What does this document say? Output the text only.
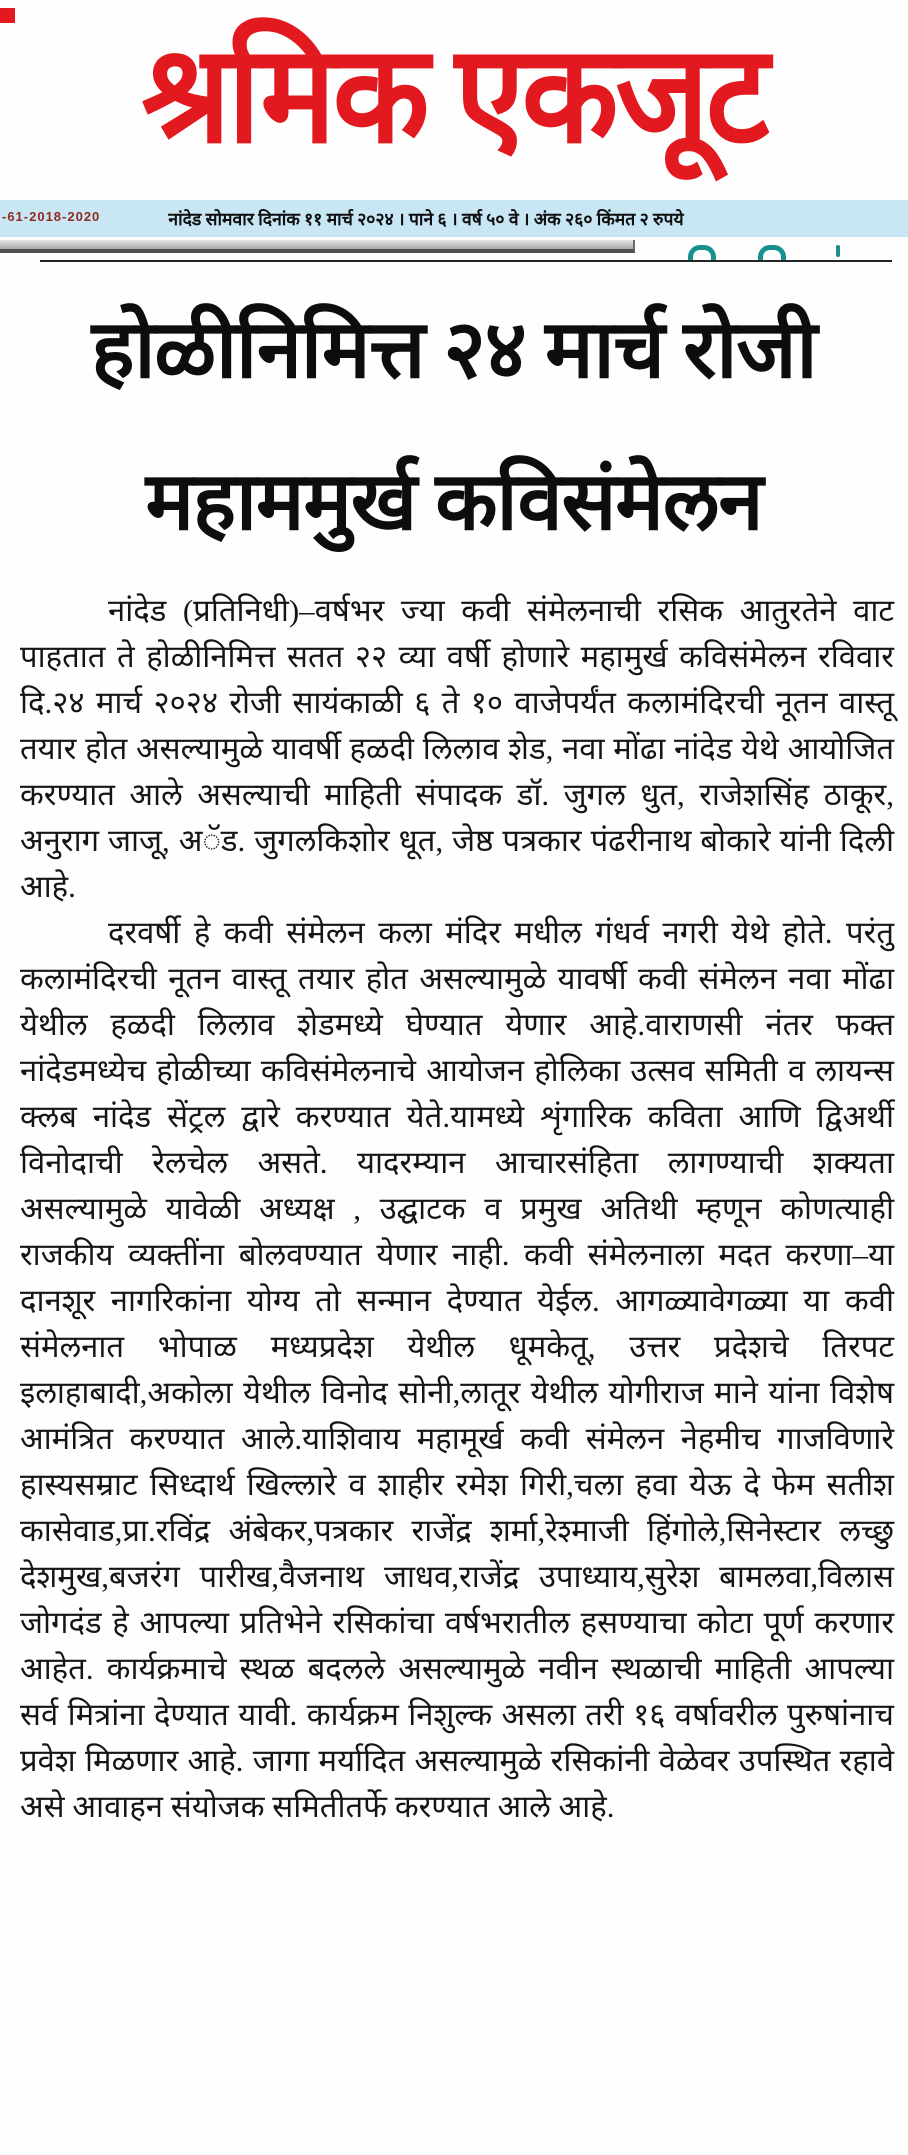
श्रमिक एकजूट
-61-2018-2020	नांदेड सोमवार दिनांक ११ मार्च २०२४ । पाने ६ । वर्ष ५० वे । अंक २६० किंमत २ रुपये
होळीनिमित्त २४ मार्च रोजी
महाममुर्ख कविसंमेलन

नांदेड (प्रतिनिधी)–वर्षभर ज्या कवी संमेलनाची रसिक आतुरतेने वाट पाहतात ते होळीनिमित्त सतत २२ व्या वर्षी होणारे महामुर्ख कविसंमेलन रविवार दि.२४ मार्च २०२४ रोजी सायंकाळी ६ ते १० वाजेपर्यंत कलामंदिरची नूतन वास्तू तयार होत असल्यामुळे यावर्षी हळदी लिलाव शेड, नवा मोंढा नांदेड येथे आयोजित करण्यात आले असल्याची माहिती संपादक डॉ. जुगल धुत, राजेशसिंह ठाकूर, अनुराग जाजू, अॅड. जुगलकिशोर धूत, जेष्ठ पत्रकार पंढरीनाथ बोकारे यांनी दिली आहे.

दरवर्षी हे कवी संमेलन कला मंदिर मधील गंधर्व नगरी येथे होते. परंतु कलामंदिरची नूतन वास्तू तयार होत असल्यामुळे यावर्षी कवी संमेलन नवा मोंढा येथील हळदी लिलाव शेडमध्ये घेण्यात येणार आहे.वाराणसी नंतर फक्त नांदेडमध्येच होळीच्या कविसंमेलनाचे आयोजन होलिका उत्सव समिती व लायन्स क्लब नांदेड सेंट्रल द्वारे करण्यात येते.यामध्ये शृंगारिक कविता आणि द्विअर्थी विनोदाची रेलचेल असते. यादरम्यान आचारसंहिता लागण्याची शक्यता असल्यामुळे यावेळी अध्यक्ष , उद्घाटक व प्रमुख अतिथी म्हणून कोणत्याही राजकीय व्यक्तींना बोलवण्यात येणार नाही. कवी संमेलनाला मदत करणा–या दानशूर नागरिकांना योग्य तो सन्मान देण्यात येईल. आगळ्यावेगळ्या या कवी संमेलनात भोपाळ मध्यप्रदेश येथील धूमकेतू, उत्तर प्रदेशचे तिरपट इलाहाबादी,अकोला येथील विनोद सोनी,लातूर येथील योगीराज माने यांना विशेष आमंत्रित करण्यात आले.याशिवाय महामूर्ख कवी संमेलन नेहमीच गाजविणारे हास्यसम्राट सिध्दार्थ खिल्लारे व शाहीर रमेश गिरी,चला हवा येऊ दे फेम सतीश कासेवाड,प्रा.रविंद्र अंबेकर,पत्रकार राजेंद्र शर्मा,रेश्माजी हिंगोले,सिनेस्टार लच्छु देशमुख,बजरंग पारीख,वैजनाथ जाधव,राजेंद्र उपाध्याय,सुरेश बामलवा,विलास जोगदंड हे आपल्या प्रतिभेने रसिकांचा वर्षभरातील हसण्याचा कोटा पूर्ण करणार आहेत. कार्यक्रमाचे स्थळ बदलले असल्यामुळे नवीन स्थळाची माहिती आपल्या सर्व मित्रांना देण्यात यावी. कार्यक्रम निशुल्क असला तरी १६ वर्षावरील पुरुषांनाच प्रवेश मिळणार आहे. जागा मर्यादित असल्यामुळे रसिकांनी वेळेवर उपस्थित रहावे असे आवाहन संयोजक समितीतर्फे करण्यात आले आहे.
